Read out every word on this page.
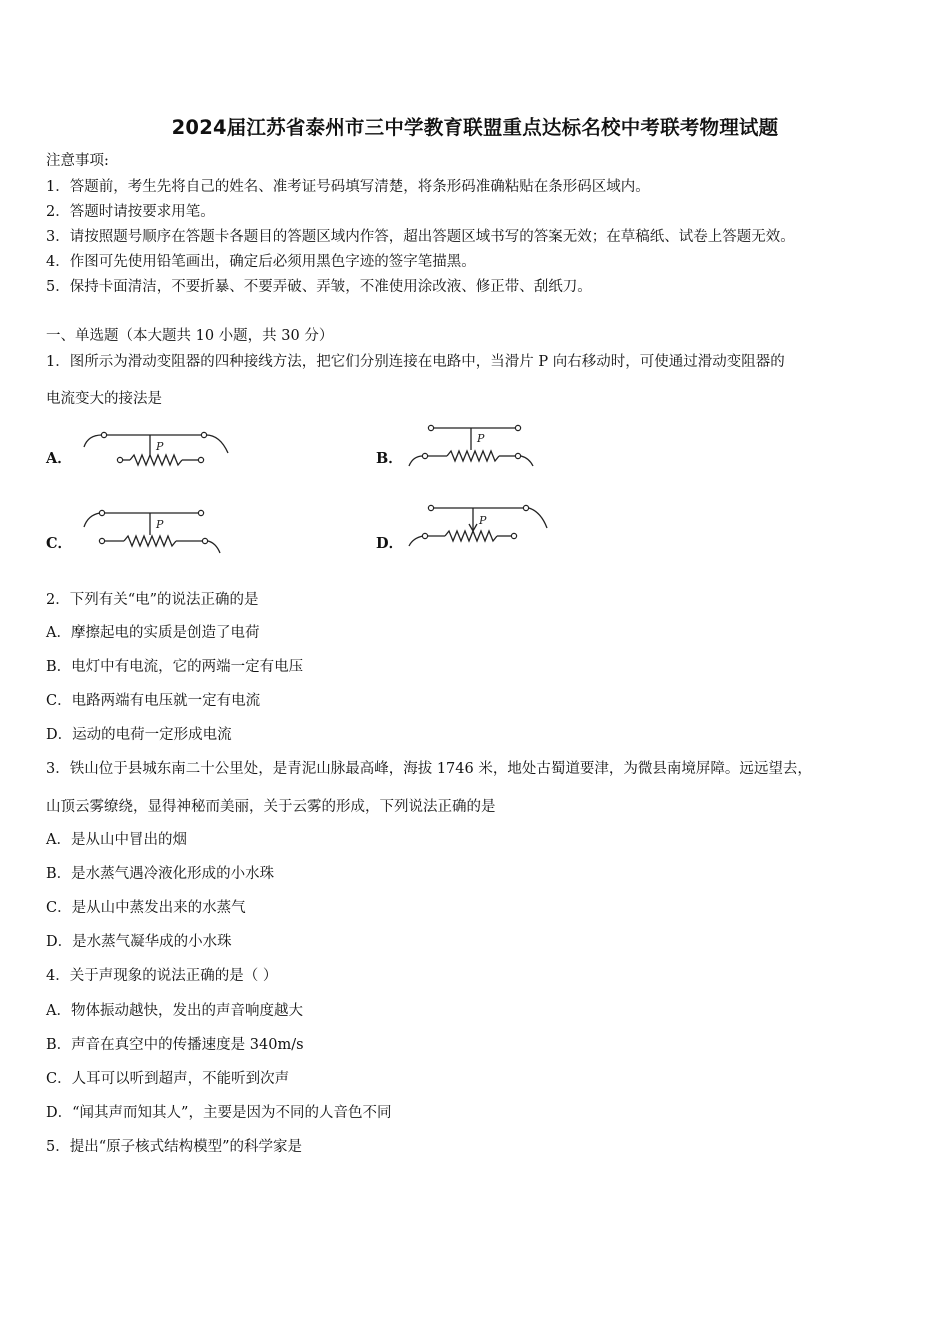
2024届江苏省泰州市三中学教育联盟重点达标名校中考联考物理试题
注意事项:
1．答题前，考生先将自己的姓名、准考证号码填写清楚，将条形码准确粘贴在条形码区域内。
2．答题时请按要求用笔。
3．请按照题号顺序在答题卡各题目的答题区域内作答，超出答题区域书写的答案无效；在草稿纸、试卷上答题无效。
4．作图可先使用铅笔画出，确定后必须用黑色字迹的签字笔描黑。
5．保持卡面清洁，不要折暴、不要弄破、弄皱，不准使用涂改液、修正带、刮纸刀。
一、单选题（本大题共 10 小题，共 30 分）
1．图所示为滑动变阻器的四种接线方法，把它们分别连接在电路中，当滑片 P 向右移动时，可使通过滑动变阻器的
电流变大的接法是
A．	B．
C．	D．
P
P
P	P
2．下列有关“电”的说法正确的是
A．摩擦起电的实质是创造了电荷
B．电灯中有电流，它的两端一定有电压
C．电路两端有电压就一定有电流
D．运动的电荷一定形成电流
3．铁山位于县城东南二十公里处，是青泥山脉最高峰，海拔 1746 米，地处古蜀道要津，为微县南境屏障。远远望去，
山顶云雾缭绕，显得神秘而美丽，关于云雾的形成，下列说法正确的是
A．是从山中冒出的烟
B．是水蒸气遇冷液化形成的小水珠
C．是从山中蒸发出来的水蒸气
D．是水蒸气凝华成的小水珠
4．关于声现象的说法正确的是（ ）
A．物体振动越快，发出的声音响度越大
B．声音在真空中的传播速度是 340m/s
C．人耳可以听到超声，不能听到次声
D．“闻其声而知其人”，主要是因为不同的人音色不同
5．提出“原子核式结构模型”的科学家是
